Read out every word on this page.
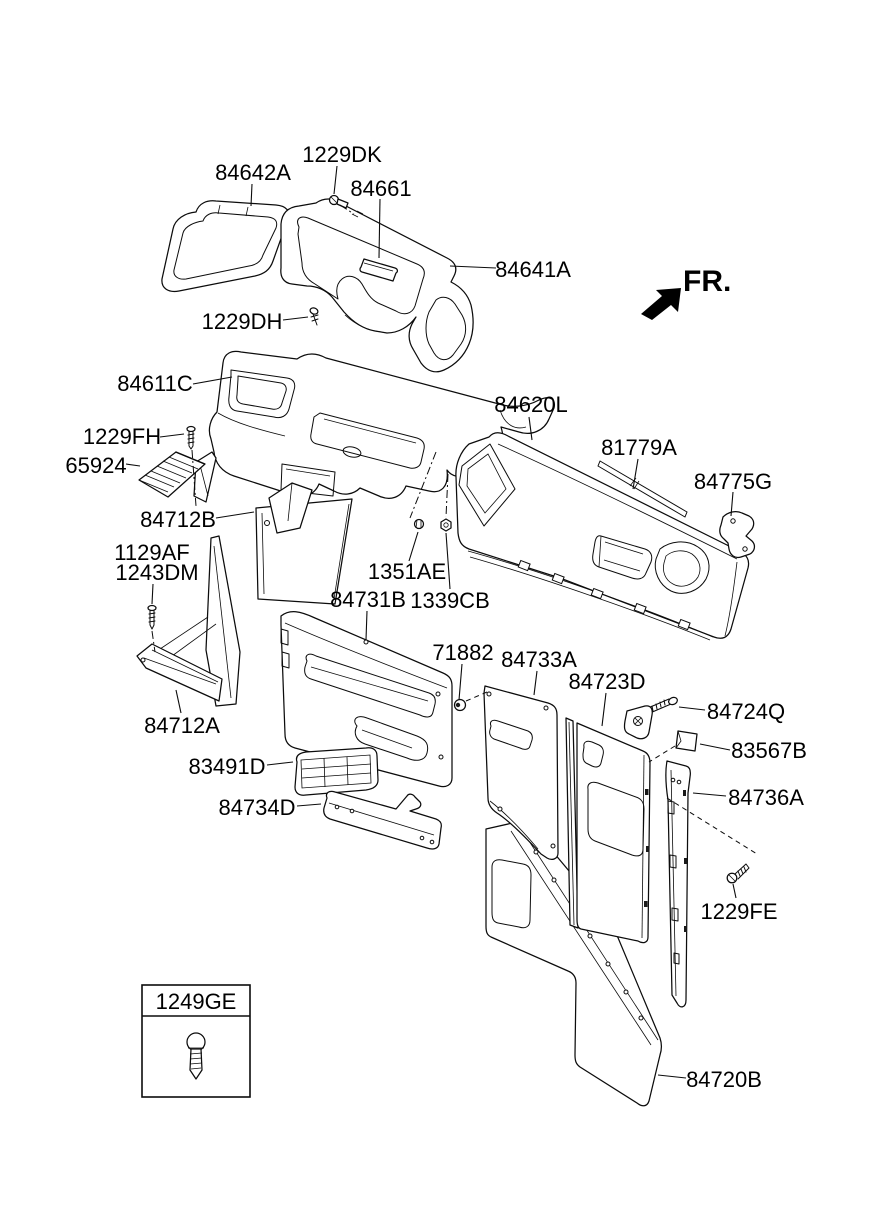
84642A
1229DK
84661
84641A
1229DH
84611C
84620L
1229FH
65924
81779A
84775G
84712B
1129AF
1243DM	1351AE
84731B 1339CB
71882 84733A
84723D
84724Q
83567B
84712A
83491D
84736A
84734D
1229FE
84720B
FR.
1249GE
